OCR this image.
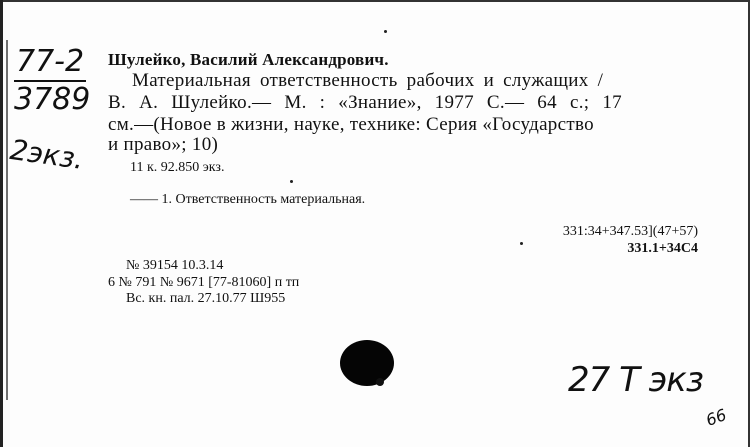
77-2
3789
2экз.
Шулейко, Василий Александрович.
Материальная ответственность рабочих и служащих /
В. А. Шулейко.— М. : «Знание», 1977 С.— 64 с.; 17
см.—(Новое в жизни, науке, технике: Серия «Государство
и право»; 10)
11 к. 92.850 экз.
—— 1. Ответственность материальная.
331:34+347.53](47+57)
331.1+34С4
№ 39154 10.3.14
6 № 791 № 9671 [77-81060] п тп
Вс. кн. пал. 27.10.77 Ш955
27 Т экз
66
